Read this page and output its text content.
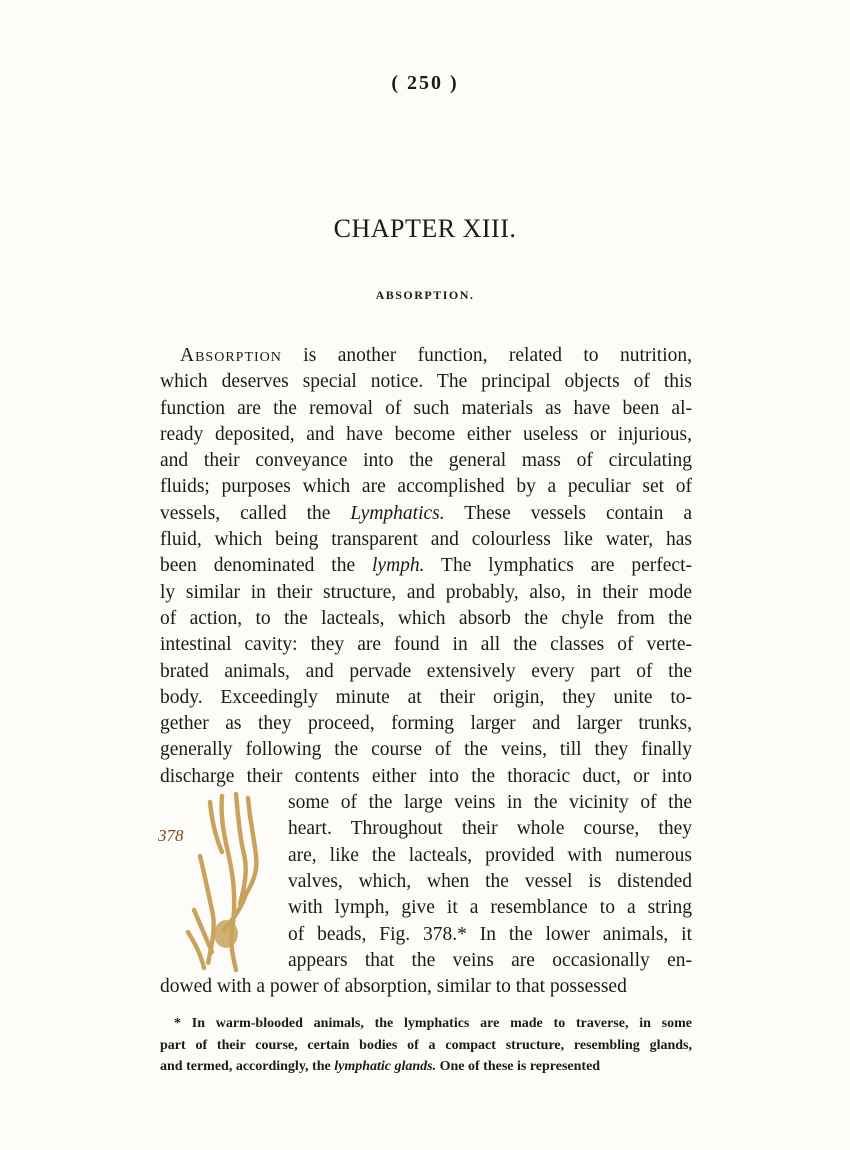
( 250 )
CHAPTER XIII.
ABSORPTION.
Absorption is another function, related to nutrition,
which deserves special notice. The principal objects of this
function are the removal of such materials as have been al-
ready deposited, and have become either useless or injurious,
and their conveyance into the general mass of circulating
fluids; purposes which are accomplished by a peculiar set of
vessels, called the Lymphatics. These vessels contain a
fluid, which being transparent and colourless like water, has
been denominated the lymph. The lymphatics are perfect-
ly similar in their structure, and probably, also, in their mode
of action, to the lacteals, which absorb the chyle from the
intestinal cavity: they are found in all the classes of verte-
brated animals, and pervade extensively every part of the
body. Exceedingly minute at their origin, they unite to-
gether as they proceed, forming larger and larger trunks,
generally following the course of the veins, till they finally
discharge their contents either into the thoracic duct, or into
some of the large veins in the vicinity of the
heart. Throughout their whole course, they
are, like the lacteals, provided with numerous
valves, which, when the vessel is distended
with lymph, give it a resemblance to a string
of beads, Fig. 378.* In the lower animals, it
appears that the veins are occasionally en-
dowed with a power of absorption, similar to that possessed
378
* In warm-blooded animals, the lymphatics are made to traverse, in some
part of their course, certain bodies of a compact structure, resembling glands,
and termed, accordingly, the lymphatic glands. One of these is represented
